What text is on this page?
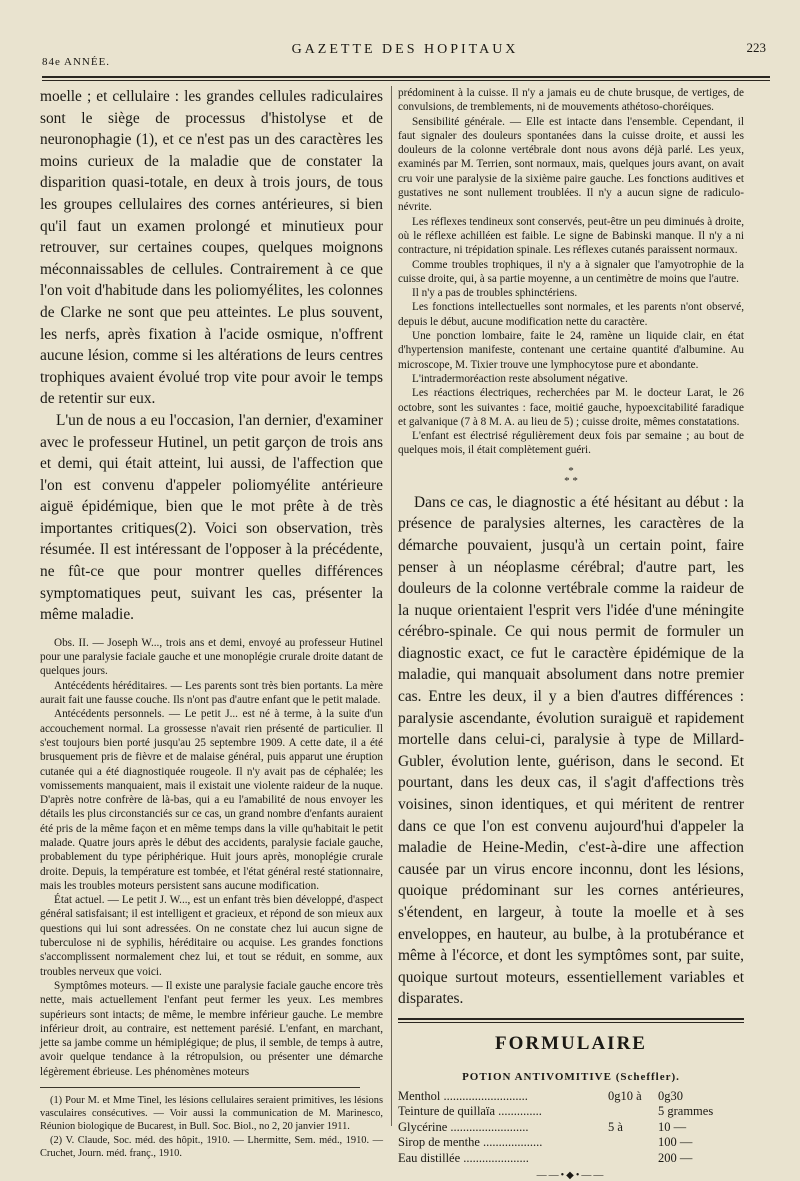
84e ANNÉE.
GAZETTE DES HOPITAUX	223

moelle ; et cellulaire : les grandes cellules radiculaires sont le siège de processus d'histolyse et de neuronophagie (1), et ce n'est pas un des caractères les moins curieux de la maladie que de constater la disparition quasi-totale, en deux à trois jours, de tous les groupes cellulaires des cornes antérieures, si bien qu'il faut un examen prolongé et minutieux pour retrouver, sur certaines coupes, quelques moignons méconnaissables de cellules. Contrairement à ce que l'on voit d'habitude dans les poliomyélites, les colonnes de Clarke ne sont que peu atteintes. Le plus souvent, les nerfs, après fixation à l'acide osmique, n'offrent aucune lésion, comme si les altérations de leurs centres trophiques avaient évolué trop vite pour avoir le temps de retentir sur eux.

L'un de nous a eu l'occasion, l'an dernier, d'examiner avec le professeur Hutinel, un petit garçon de trois ans et demi, qui était atteint, lui aussi, de l'affection que l'on est convenu d'appeler poliomyélite antérieure aiguë épidémique, bien que le mot prête à de très importantes critiques(2). Voici son observation, très résumée. Il est intéressant de l'opposer à la précédente, ne fût-ce que pour montrer quelles différences symptomatiques peut, suivant les cas, présenter la même maladie.

Obs. II. — Joseph W..., trois ans et demi, envoyé au professeur Hutinel pour une paralysie faciale gauche et une monoplégie crurale droite datant de quelques jours.

Antécédents héréditaires. — Les parents sont très bien portants. La mère aurait fait une fausse couche. Ils n'ont pas d'autre enfant que le petit malade.

Antécédents personnels. — Le petit J... est né à terme, à la suite d'un accouchement normal. La grossesse n'avait rien présenté de particulier. Il s'est toujours bien porté jusqu'au 25 septembre 1909. A cette date, il a été brusquement pris de fièvre et de malaise général, puis apparut une éruption cutanée qui a été diagnostiquée rougeole. Il n'y avait pas de céphalée; les vomissements manquaient, mais il existait une violente raideur de la nuque. D'après notre confrère de là-bas, qui a eu l'amabilité de nous envoyer les détails les plus circonstanciés sur ce cas, un grand nombre d'enfants auraient été pris de la même façon et en même temps dans la ville qu'habitait le petit malade. Quatre jours après le début des accidents, paralysie faciale gauche, probablement du type périphérique. Huit jours après, monoplégie crurale droite. Depuis, la température est tombée, et l'état général resté stationnaire, mais les troubles moteurs persistent sans aucune modification.

État actuel. — Le petit J. W..., est un enfant très bien développé, d'aspect général satisfaisant; il est intelligent et gracieux, et répond de son mieux aux questions qui lui sont adressées. On ne constate chez lui aucun signe de tuberculose ni de syphilis, héréditaire ou acquise. Les grandes fonctions s'accomplissent normalement chez lui, et tout se réduit, en somme, aux troubles nerveux que voici.

Symptômes moteurs. — Il existe une paralysie faciale gauche encore très nette, mais actuellement l'enfant peut fermer les yeux. Les membres supérieurs sont intacts; de même, le membre inférieur gauche. Le membre inférieur droit, au contraire, est nettement parésié. L'enfant, en marchant, jette sa jambe comme un hémiplégique; de plus, il semble, de temps à autre, avoir quelque tendance à la rétropulsion, ou présenter une démarche légèrement ébrieuse. Les phénomènes moteurs

(1) Pour M. et Mme Tinel, les lésions cellulaires seraient primitives, les lésions vasculaires consécutives. — Voir aussi la communication de M. Marinesco, Réunion biologique de Bucarest, in Bull. Soc. Biol., no 2, 20 janvier 1911.

(2) V. Claude, Soc. méd. des hôpit., 1910. — Lhermitte, Sem. méd., 1910. — Cruchet, Journ. méd. franç., 1910.

prédominent à la cuisse. Il n'y a jamais eu de chute brusque, de vertiges, de convulsions, de tremblements, ni de mouvements athétoso-choréiques.

Sensibilité générale. — Elle est intacte dans l'ensemble. Cependant, il faut signaler des douleurs spontanées dans la cuisse droite, et aussi les douleurs de la colonne vertébrale dont nous avons déjà parlé. Les yeux, examinés par M. Terrien, sont normaux, mais, quelques jours avant, on avait cru voir une paralysie de la sixième paire gauche. Les fonctions auditives et gustatives ne sont nullement troublées. Il n'y a aucun signe de radiculo-névrite.

Les réflexes tendineux sont conservés, peut-être un peu diminués à droite, où le réflexe achilléen est faible. Le signe de Babinski manque. Il n'y a ni contracture, ni trépidation spinale. Les réflexes cutanés paraissent normaux.

Comme troubles trophiques, il n'y a à signaler que l'amyotrophie de la cuisse droite, qui, à sa partie moyenne, a un centimètre de moins que l'autre.

Il n'y a pas de troubles sphinctériens.

Les fonctions intellectuelles sont normales, et les parents n'ont observé, depuis le début, aucune modification nette du caractère.

Une ponction lombaire, faite le 24, ramène un liquide clair, en état d'hypertension manifeste, contenant une certaine quantité d'albumine. Au microscope, M. Tixier trouve une lymphocytose pure et abondante.

L'intradermoréaction reste absolument négative.

Les réactions électriques, recherchées par M. le docteur Larat, le 26 octobre, sont les suivantes : face, moitié gauche, hypoexcitabilité faradique et galvanique (7 à 8 M. A. au lieu de 5) ; cuisse droite, mêmes constatations.

L'enfant est électrisé régulièrement deux fois par semaine ; au bout de quelques mois, il était complètement guéri.

*
* *

Dans ce cas, le diagnostic a été hésitant au début : la présence de paralysies alternes, les caractères de la démarche pouvaient, jusqu'à un certain point, faire penser à un néoplasme cérébral; d'autre part, les douleurs de la colonne vertébrale comme la raideur de la nuque orientaient l'esprit vers l'idée d'une méningite cérébro-spinale. Ce qui nous permit de formuler un diagnostic exact, ce fut le caractère épidémique de la maladie, qui manquait absolument dans notre premier cas. Entre les deux, il y a bien d'autres différences : paralysie ascendante, évolution suraiguë et rapidement mortelle dans celui-ci, paralysie à type de Millard-Gubler, évolution lente, guérison, dans le second. Et pourtant, dans les deux cas, il s'agit d'affections très voisines, sinon identiques, et qui méritent de rentrer dans ce que l'on est convenu aujourd'hui d'appeler la maladie de Heine-Medin, c'est-à-dire une affection causée par un virus encore inconnu, dont les lésions, quoique prédominant sur les cornes antérieures, s'étendent, en largeur, à toute la moelle et à ses enveloppes, en hauteur, au bulbe, à la protubérance et même à l'écorce, et dont les symptômes sont, par suite, quoique surtout moteurs, essentiellement variables et disparates.

FORMULAIRE
POTION ANTIVOMITIVE (Scheffler).
Menthol ...........................	0g10 à	0g30
Teinture de quillaïa ..............		5 grammes
Glycérine .........................	5 à	10 —
Sirop de menthe ...................		100 —
Eau distillée .....................		200 —
——•◆•——
